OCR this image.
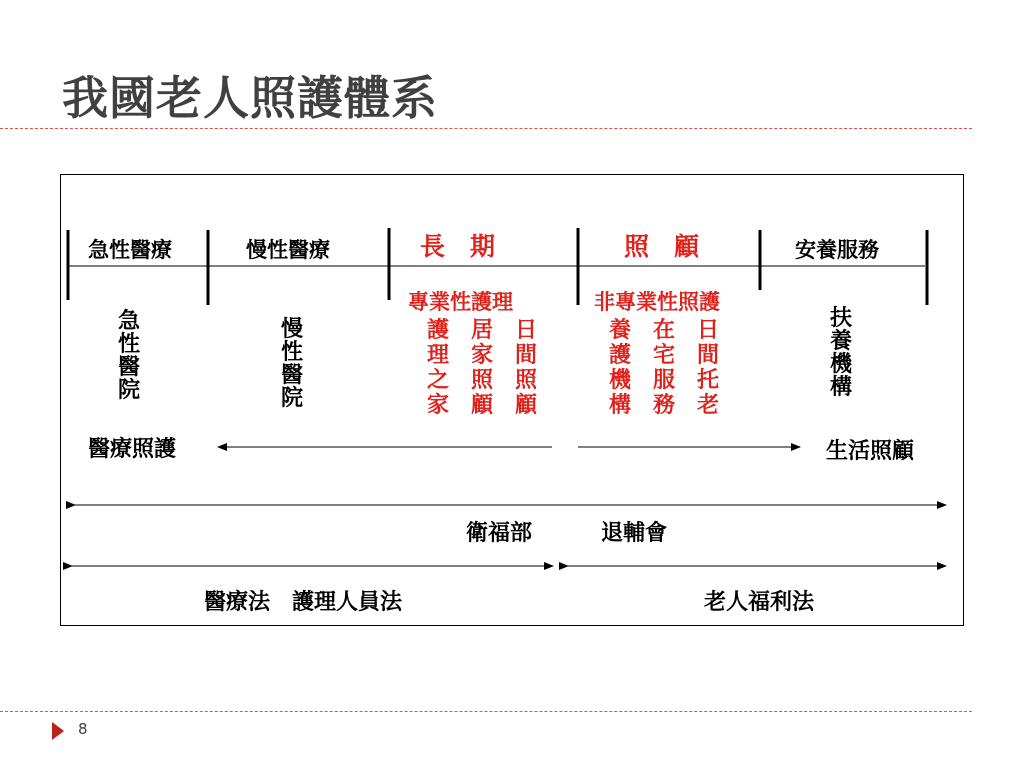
我國老人照護體系
急性醫療	慢性醫療	長　期	照　顧	安養服務
專業性護理	非專業性照護
急性醫院
慢性醫院
扶養機構
護理之家
居家照顧
日間照顧
養護機構
在宅服務
日間托老
醫療照護	生活照顧
衛福部	退輔會
醫療法　護理人員法	老人福利法
8
